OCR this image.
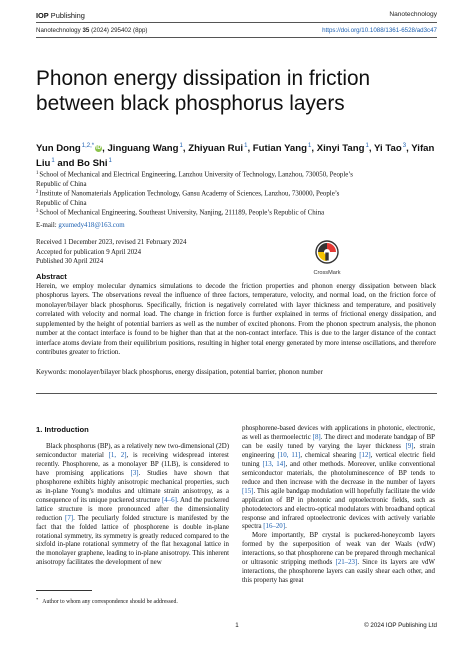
IOP Publishing	Nanotechnology
Nanotechnology 35 (2024) 295402 (8pp)	https://doi.org/10.1088/1361-6528/ad3c47
Phonon energy dissipation in friction between black phosphorus layers
Yun Dong$^{1,2,*}$ iD, Jinguang Wang$^1$, Zhiyuan Rui$^1$, Futian Yang$^1$, Xinyi Tang$^1$, Yi Tao$^3$, Yifan Liu$^1$ and Bo Shi$^1$
$^1$School of Mechanical and Electrical Engineering, Lanzhou University of Technology, Lanzhou, 730050, People’s Republic of China
$^2$Institute of Nanomaterials Application Technology, Gansu Academy of Sciences, Lanzhou, 730000, People’s Republic of China
$^3$School of Mechanical Engineering, Southeast University, Nanjing, 211189, People’s Republic of China
E-mail: gxumedy418@163.com
Received 1 December 2023, revised 21 February 2024
Accepted for publication 9 April 2024
Published 30 April 2024
CrossMark
Abstract

Herein, we employ molecular dynamics simulations to decode the friction properties and phonon energy dissipation between black phosphorus layers. The observations reveal the influence of three factors, temperature, velocity, and normal load, on the friction force of monolayer/bilayer black phosphorus. Specifically, friction is negatively correlated with layer thickness and temperature, and positively correlated with velocity and normal load. The change in friction force is further explained in terms of frictional energy dissipation, and supplemented by the height of potential barriers as well as the number of excited phonons. From the phonon spectrum analysis, the phonon number at the contact interface is found to be higher than that at the non-contact interface. This is due to the larger distance of the contact interface atoms deviate from their equilibrium positions, resulting in higher total energy generated by more intense oscillations, and therefore contributes greater to friction.

Keywords: monolayer/bilayer black phosphorus, energy dissipation, potential barrier, phonon number
1. Introduction

Black phosphorus (BP), as a relatively new two-dimensional (2D) semiconductor material [1, 2], is receiving widespread interest recently. Phosphorene, as a monolayer BP (1LB), is considered to have promising applications [3]. Studies have shown that phosphorene exhibits highly anisotropic mechanical properties, such as in-plane Young’s modulus and ultimate strain anisotropy, as a consequence of its unique puckered structure [4–6]. And the puckered lattice structure is more pronounced after the dimensionality reduction [7]. The peculiarly folded structure is manifested by the fact that the folded lattice of phosphorene is double in-plane rotational symmetry, its symmetry is greatly reduced compared to the sixfold in-plane rotational symmetry of the flat hexagonal lattice in the monolayer graphene, leading to in-plane anisotropy. This inherent anisotropy facilitates the development of new

phosphorene-based devices with applications in photonic, electronic, as well as thermoelectric [8]. The direct and moderate bandgap of BP can be easily tuned by varying the layer thickness [9], strain engineering [10, 11], chemical shearing [12], vertical electric field tuning [13, 14], and other methods. Moreover, unlike conventional semiconductor materials, the photoluminescence of BP tends to reduce and then increase with the decrease in the number of layers [15]. This agile bandgap modulation will hopefully facilitate the wide application of BP in photonic and optoelectronic fields, such as photodetectors and electro-optical modulators with broadband optical response and infrared optoelectronic devices with actively variable spectra [16–20].

More importantly, BP crystal is puckered-honeycomb layers formed by the superposition of weak van der Waals (vdW) interactions, so that phosphorene can be prepared through mechanical or ultrasonic stripping methods [21–23]. Since its layers are vdW interactions, the phosphorene layers can easily shear each other, and this property has great

* Author to whom any correspondence should be addressed.
1	© 2024 IOP Publishing Ltd
